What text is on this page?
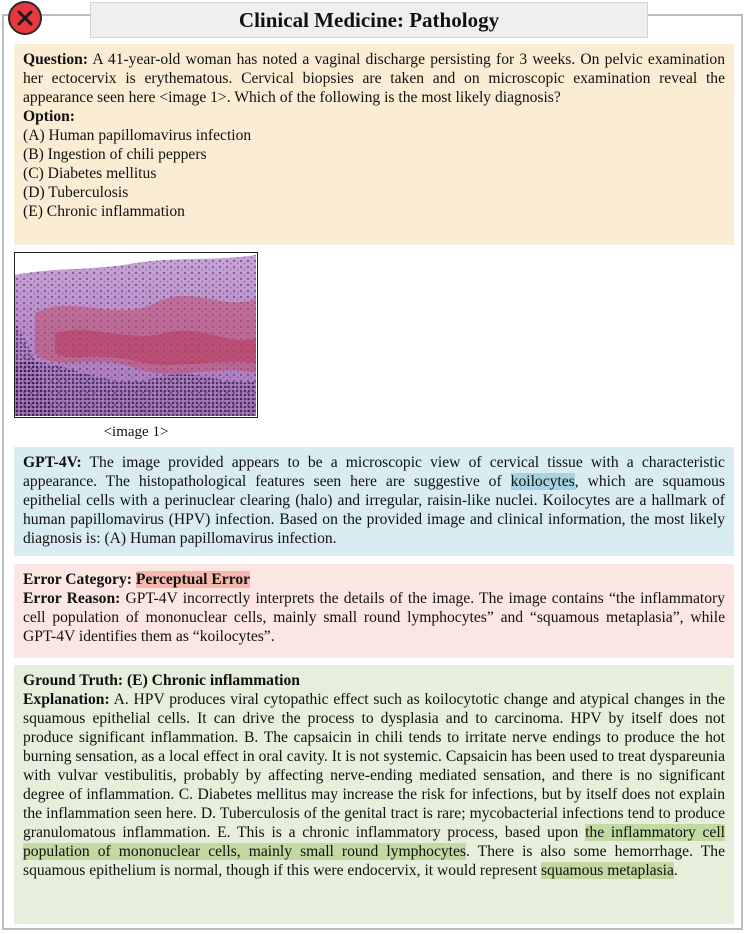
Clinical Medicine: Pathology
Question: A 41-year-old woman has noted a vaginal discharge persisting for 3 weeks. On pelvic examination her ectocervix is erythematous. Cervical biopsies are taken and on microscopic examination reveal the appearance seen here <image 1>. Which of the following is the most likely diagnosis?
Option:
(A) Human papillomavirus infection
(B) Ingestion of chili peppers
(C) Diabetes mellitus
(D) Tuberculosis
(E) Chronic inflammation
<image 1>
GPT-4V: The image provided appears to be a microscopic view of cervical tissue with a characteristic appearance. The histopathological features seen here are suggestive of koilocytes, which are squamous epithelial cells with a perinuclear clearing (halo) and irregular, raisin-like nuclei. Koilocytes are a hallmark of human papillomavirus (HPV) infection. Based on the provided image and clinical information, the most likely diagnosis is: (A) Human papillomavirus infection.
Error Category: Perceptual Error
Error Reason: GPT-4V incorrectly interprets the details of the image. The image contains “the inflammatory cell population of mononuclear cells, mainly small round lymphocytes” and “squamous metaplasia”, while GPT-4V identifies them as “koilocytes”.
Ground Truth: (E) Chronic inflammation
Explanation: A. HPV produces viral cytopathic effect such as koilocytotic change and atypical changes in the squamous epithelial cells. It can drive the process to dysplasia and to carcinoma. HPV by itself does not produce significant inflammation. B. The capsaicin in chili tends to irritate nerve endings to produce the hot burning sensation, as a local effect in oral cavity. It is not systemic. Capsaicin has been used to treat dyspareunia with vulvar vestibulitis, probably by affecting nerve-ending mediated sensation, and there is no significant degree of inflammation. C. Diabetes mellitus may increase the risk for infections, but by itself does not explain the inflammation seen here. D. Tuberculosis of the genital tract is rare; mycobacterial infections tend to produce granulomatous inflammation. E. This is a chronic inflammatory process, based upon the inflammatory cell population of mononuclear cells, mainly small round lymphocytes. There is also some hemorrhage. The squamous epithelium is normal, though if this were endocervix, it would represent squamous metaplasia.
